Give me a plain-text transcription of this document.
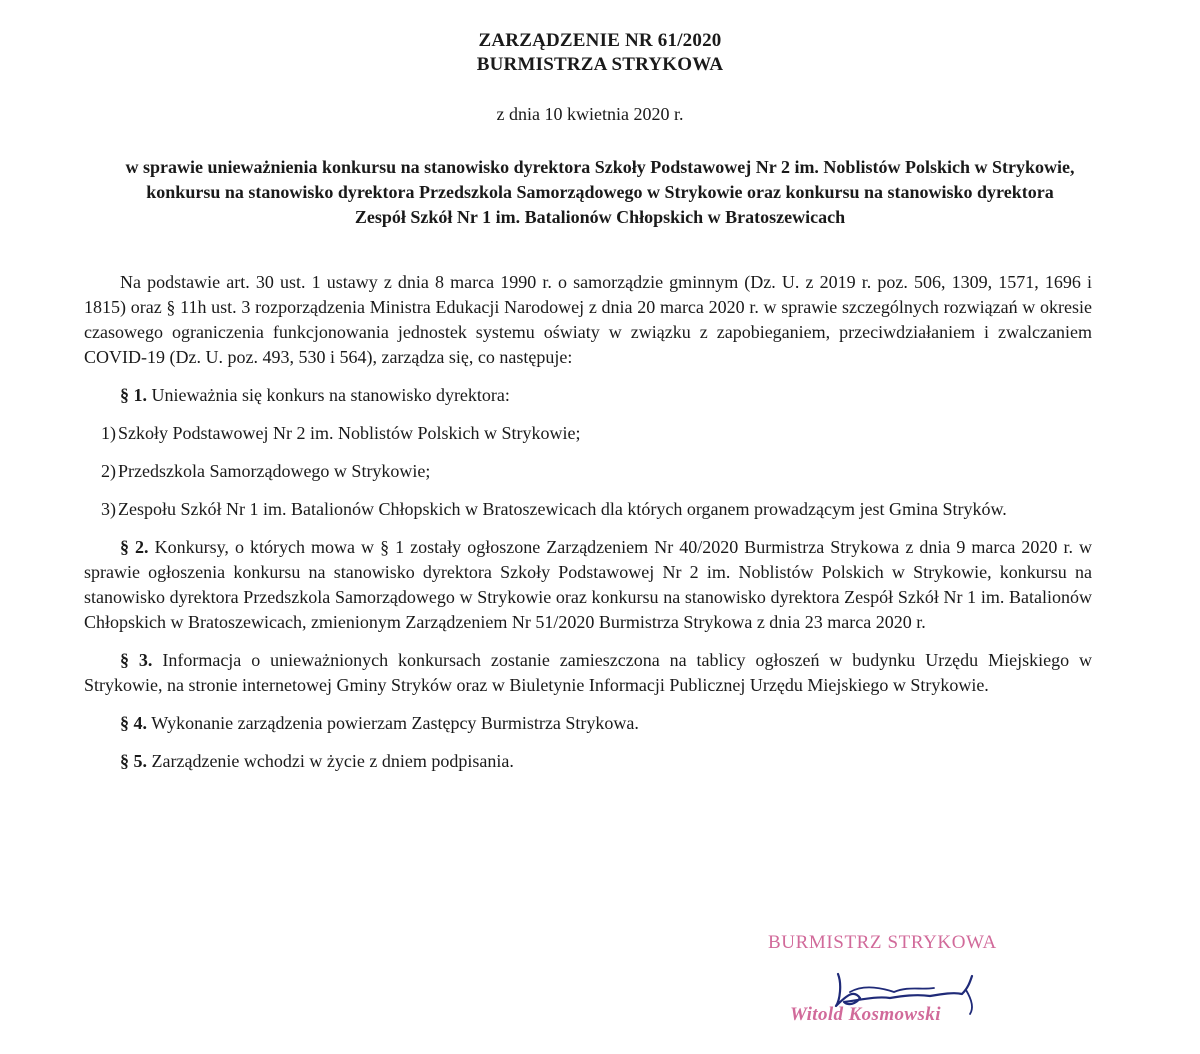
ZARZĄDZENIE NR 61/2020
BURMISTRZA STRYKOWA
z dnia 10 kwietnia 2020 r.
w sprawie unieważnienia konkursu na stanowisko dyrektora Szkoły Podstawowej Nr 2 im. Noblistów Polskich w Strykowie, konkursu na stanowisko dyrektora Przedszkola Samorządowego w Strykowie oraz konkursu na stanowisko dyrektora Zespół Szkół Nr 1 im. Batalionów Chłopskich w Bratoszewicach

Na podstawie art. 30 ust. 1 ustawy z dnia 8 marca 1990 r. o samorządzie gminnym (Dz. U. z 2019 r. poz. 506, 1309, 1571, 1696 i 1815) oraz § 11h ust. 3 rozporządzenia Ministra Edukacji Narodowej z dnia 20 marca 2020 r. w sprawie szczególnych rozwiązań w okresie czasowego ograniczenia funkcjonowania jednostek systemu oświaty w związku z zapobieganiem, przeciwdziałaniem i zwalczaniem COVID-19 (Dz. U. poz. 493, 530 i 564), zarządza się, co następuje:

§ 1. Unieważnia się konkurs na stanowisko dyrektora:

1) Szkoły Podstawowej Nr 2 im. Noblistów Polskich w Strykowie;

2) Przedszkola Samorządowego w Strykowie;

3) Zespołu Szkół Nr 1 im. Batalionów Chłopskich w Bratoszewicach dla których organem prowadzącym jest Gmina Stryków.

§ 2. Konkursy, o których mowa w § 1 zostały ogłoszone Zarządzeniem Nr 40/2020 Burmistrza Strykowa z dnia 9 marca 2020 r. w sprawie ogłoszenia konkursu na stanowisko dyrektora Szkoły Podstawowej Nr 2 im. Noblistów Polskich w Strykowie, konkursu na stanowisko dyrektora Przedszkola Samorządowego w Strykowie oraz konkursu na stanowisko dyrektora Zespół Szkół Nr 1 im. Batalionów Chłopskich w Bratoszewicach, zmienionym Zarządzeniem Nr 51/2020 Burmistrza Strykowa z dnia 23 marca 2020 r.

§ 3. Informacja o unieważnionych konkursach zostanie zamieszczona na tablicy ogłoszeń w budynku Urzędu Miejskiego w Strykowie, na stronie internetowej Gminy Stryków oraz w Biuletynie Informacji Publicznej Urzędu Miejskiego w Strykowie.

§ 4. Wykonanie zarządzenia powierzam Zastępcy Burmistrza Strykowa.

§ 5. Zarządzenie wchodzi w życie z dniem podpisania.

BURMISTRZ STRYKOWA
Witold Kosmowski
